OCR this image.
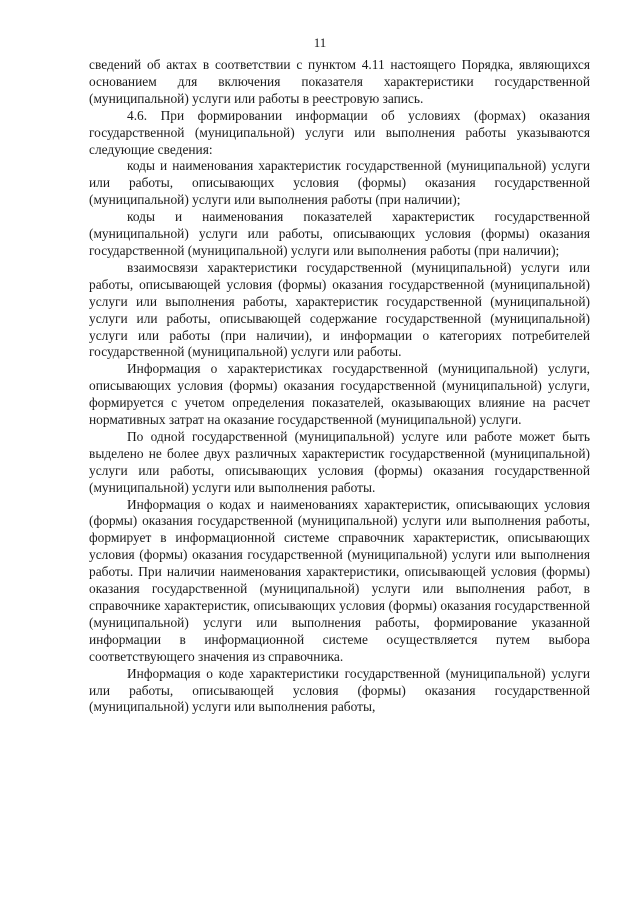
11

сведений об актах в соответствии с пунктом 4.11 настоящего Порядка, являющихся основанием для включения показателя характеристики государственной (муниципальной) услуги или работы в реестровую запись.

4.6. При формировании информации об условиях (формах) оказания государственной (муниципальной) услуги или выполнения работы указываются следующие сведения:

коды и наименования характеристик государственной (муниципальной) услуги или работы, описывающих условия (формы) оказания государственной (муниципальной) услуги или выполнения работы (при наличии);

коды и наименования показателей характеристик государственной (муниципальной) услуги или работы, описывающих условия (формы) оказания государственной (муниципальной) услуги или выполнения работы (при наличии);

взаимосвязи характеристики государственной (муниципальной) услуги или работы, описывающей условия (формы) оказания государственной (муниципальной) услуги или выполнения работы, характеристик государственной (муниципальной) услуги или работы, описывающей содержание государственной (муниципальной) услуги или работы (при наличии), и информации о категориях потребителей государственной (муниципальной) услуги или работы.

Информация о характеристиках государственной (муниципальной) услуги, описывающих условия (формы) оказания государственной (муниципальной) услуги, формируется с учетом определения показателей, оказывающих влияние на расчет нормативных затрат на оказание государственной (муниципальной) услуги.

По одной государственной (муниципальной) услуге или работе может быть выделено не более двух различных характеристик государственной (муниципальной) услуги или работы, описывающих условия (формы) оказания государственной (муниципальной) услуги или выполнения работы.

Информация о кодах и наименованиях характеристик, описывающих условия (формы) оказания государственной (муниципальной) услуги или выполнения работы, формирует в информационной системе справочник характеристик, описывающих условия (формы) оказания государственной (муниципальной) услуги или выполнения работы. При наличии наименования характеристики, описывающей условия (формы) оказания государственной (муниципальной) услуги или выполнения работ, в справочнике характеристик, описывающих условия (формы) оказания государственной (муниципальной) услуги или выполнения работы, формирование указанной информации в информационной системе осуществляется путем выбора соответствующего значения из справочника.

Информация о коде характеристики государственной (муниципальной) услуги или работы, описывающей условия (формы) оказания государственной (муниципальной) услуги или выполнения работы,
